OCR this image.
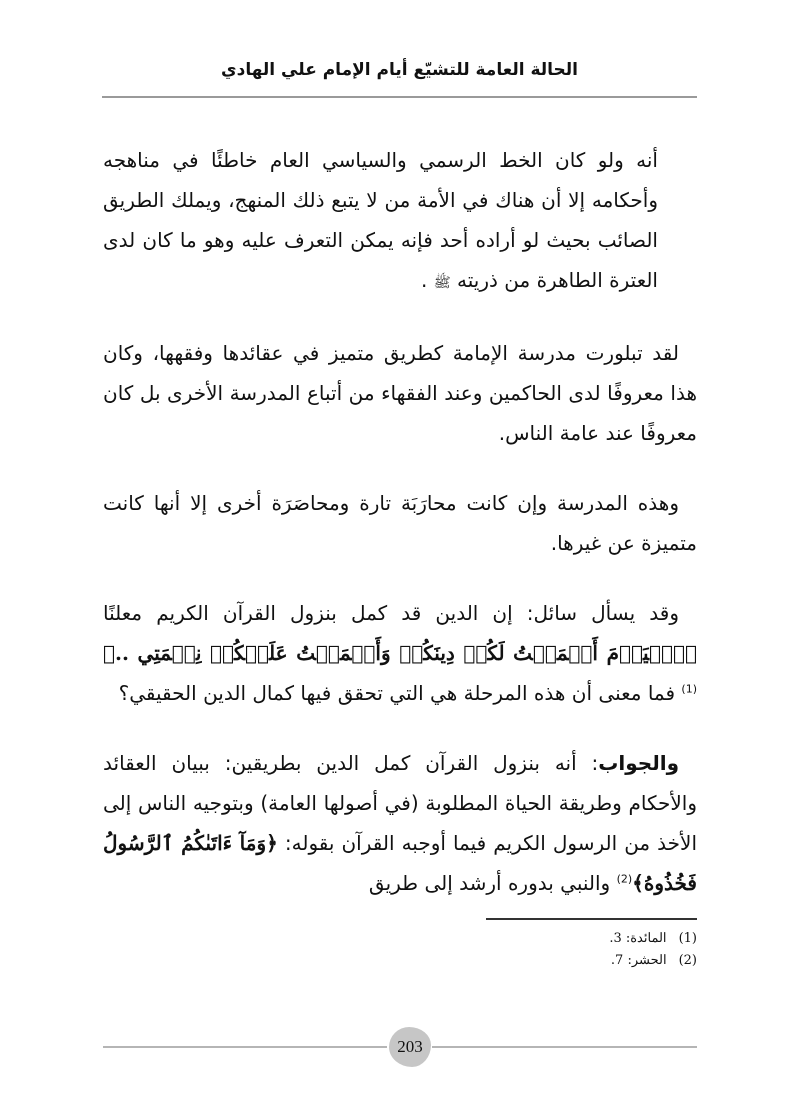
الحالة العامة للتشيّع أيام الإمام علي الهادي

أنه ولو كان الخط الرسمي والسياسي العام خاطئًا في مناهجه وأحكامه إلا أن هناك في الأمة من لا يتبع ذلك المنهج، ويملك الطريق الصائب بحيث لو أراده أحد فإنه يمكن التعرف عليه وهو ما كان لدى العترة الطاهرة من ذريته ﷺ .

لقد تبلورت مدرسة الإمامة كطريق متميز في عقائدها وفقهها، وكان هذا معروفًا لدى الحاكمين وعند الفقهاء من أتباع المدرسة الأخرى بل كان معروفًا عند عامة الناس.

وهذه المدرسة وإن كانت محارَبَة تارة ومحاصَرَة أخرى إلا أنها كانت متميزة عن غيرها.

وقد يسأل سائل: إن الدين قد كمل بنزول القرآن الكريم معلنًا ﴿ٱلۡيَوۡمَ أَكۡمَلۡتُ لَكُمۡ دِينَكُمۡ وَأَتۡمَمۡتُ عَلَيۡكُمۡ نِعۡمَتِي ..﴾$^{(1)}$ فما معنى أن هذه المرحلة هي التي تحقق فيها كمال الدين الحقيقي؟

والجواب: أنه بنزول القرآن كمل الدين بطريقين: ببيان العقائد والأحكام وطريقة الحياة المطلوبة (في أصولها العامة) وبتوجيه الناس إلى الأخذ من الرسول الكريم فيما أوجبه القرآن بقوله: ﴿وَمَآ ءَاتَىٰكُمُ ٱلرَّسُولُ فَخُذُوهُ﴾$^{(2)}$ والنبي بدوره أرشد إلى طريق

(1)
المائدة: 3.
(2)
الحشر: 7.
203
